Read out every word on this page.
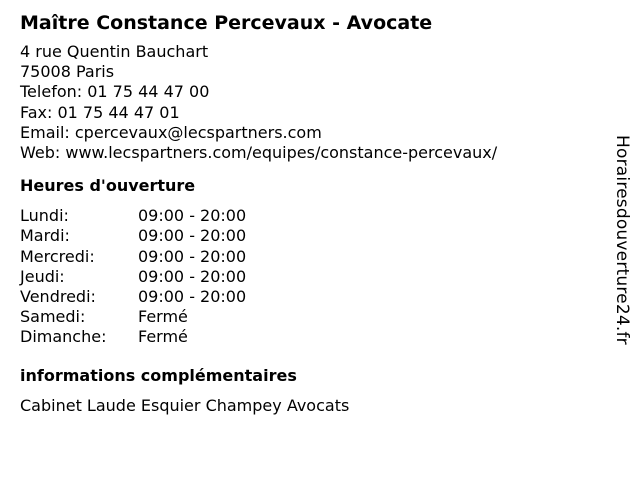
Maître Constance Percevaux - Avocate
4 rue Quentin Bauchart
75008 Paris
Telefon: 01 75 44 47 00
Fax: 01 75 44 47 01
Email: cpercevaux@lecspartners.com
Web: www.lecspartners.com/equipes/constance-percevaux/
Heures d'ouverture
Lundi:	09:00 - 20:00
Mardi:	09:00 - 20:00
Mercredi:	09:00 - 20:00
Jeudi:	09:00 - 20:00
Vendredi:	09:00 - 20:00
Samedi:	Fermé
Dimanche:	Fermé
informations complémentaires
Cabinet Laude Esquier Champey Avocats
Horairesdouverture24.fr
